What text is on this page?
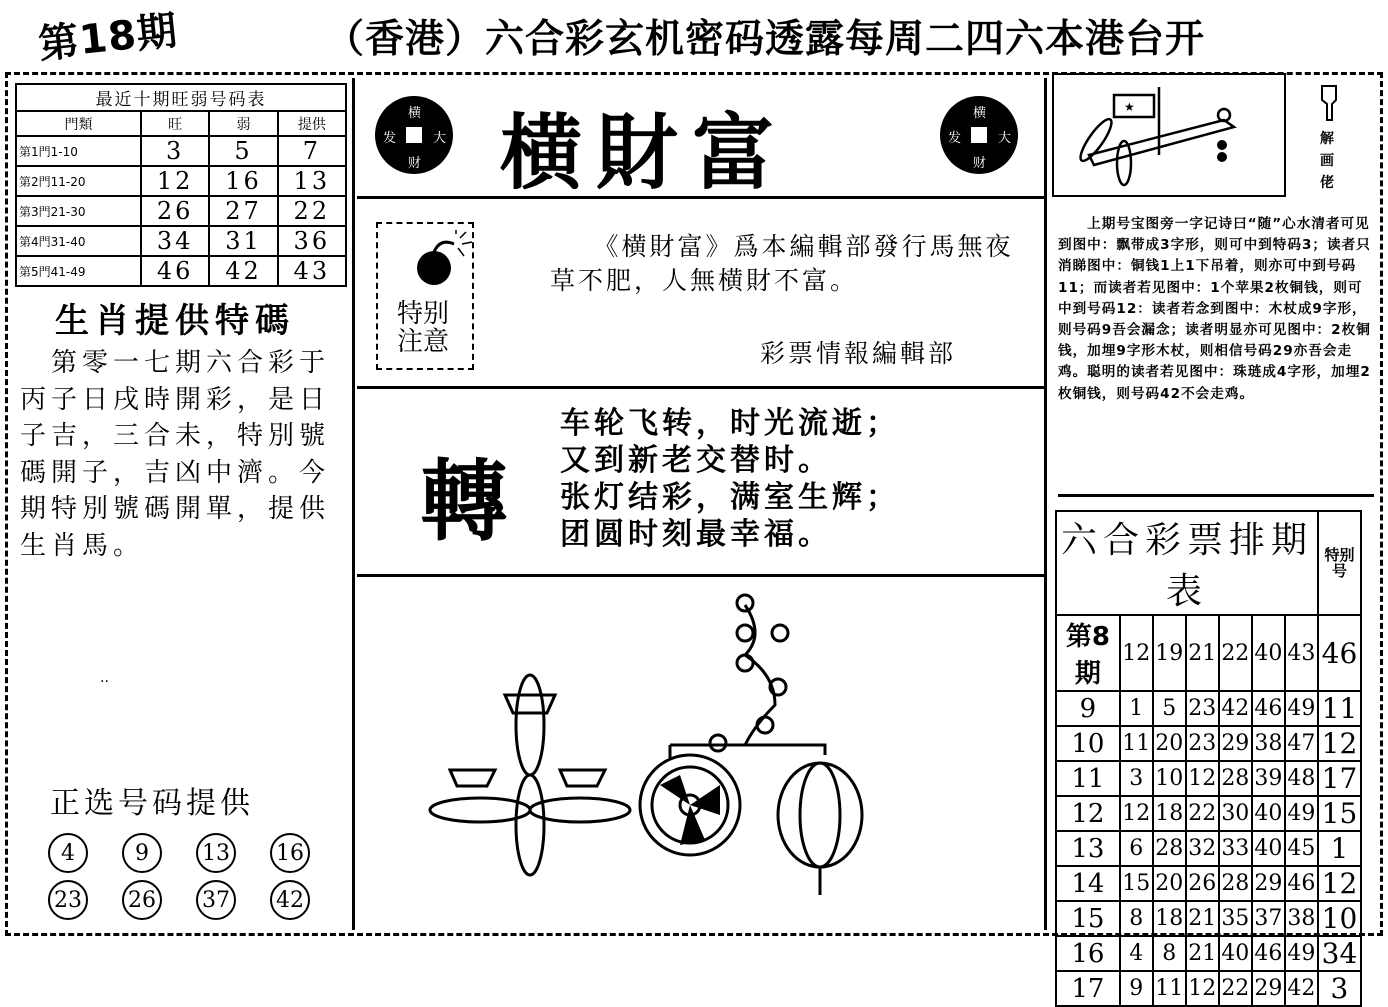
第18期	（香港）六合彩玄机密码透露每周二四六本港台开
最近十期旺弱号码表			
門類	旺	弱	提供
第1門1-10	3	5	7
第2門11-20	12	16	13
第3門21-30	26	27	22
第4門31-40	34	31	36
第5門41-49	46	42	43
生肖提供特碼
　第零一七期六合彩于丙子日戌時開彩，是日子吉，三合未，特別號碼開子，吉凶中濟。今期特別號碼開單，提供生肖馬。
..
正选号码提供
4	9	13 16
23 26 37 42
横
大
财
发 横財富	横
大
财
发
特别注意
　　《横財富》爲本編輯部發行馬無夜草不肥，人無横財不富。
彩票情報編輯部
轉
车轮飞转，时光流逝；
又到新老交替时。
张灯结彩，满室生辉；
团圆时刻最幸福。
★
解画佬
　　上期号宝图旁一字记诗曰“随”心水清者可见到图中：飘带成3字形，则可中到特码3；读者只消睇图中：铜钱1上1下吊着，则亦可中到号码11；而读者若见图中：1个苹果2枚铜钱，则可中到号码12：读者若念到图中：木杖成9字形，则号码9吾会漏念；读者明显亦可见图中：2枚铜钱，加埋9字形木杖，则相信号码29亦吾会走鸡。聪明的读者若见图中：珠琏成4字形，加埋2枚铜钱，则号码42不会走鸡。
六合彩票排期表							特别号
第8期	12	19	21	22	40	43	46
9	1	5	23	42	46	49	11
10	11	20	23	29	38	47	12
11	3	10	12	28	39	48	17
12	12	18	22	30	40	49	15
13	6	28	32	33	40	45	1
14	15	20	26	28	29	46	12
15	8	18	21	35	37	38	10
16	4	8	21	40	46	49	34
17	9	11	12	22	29	42	3
